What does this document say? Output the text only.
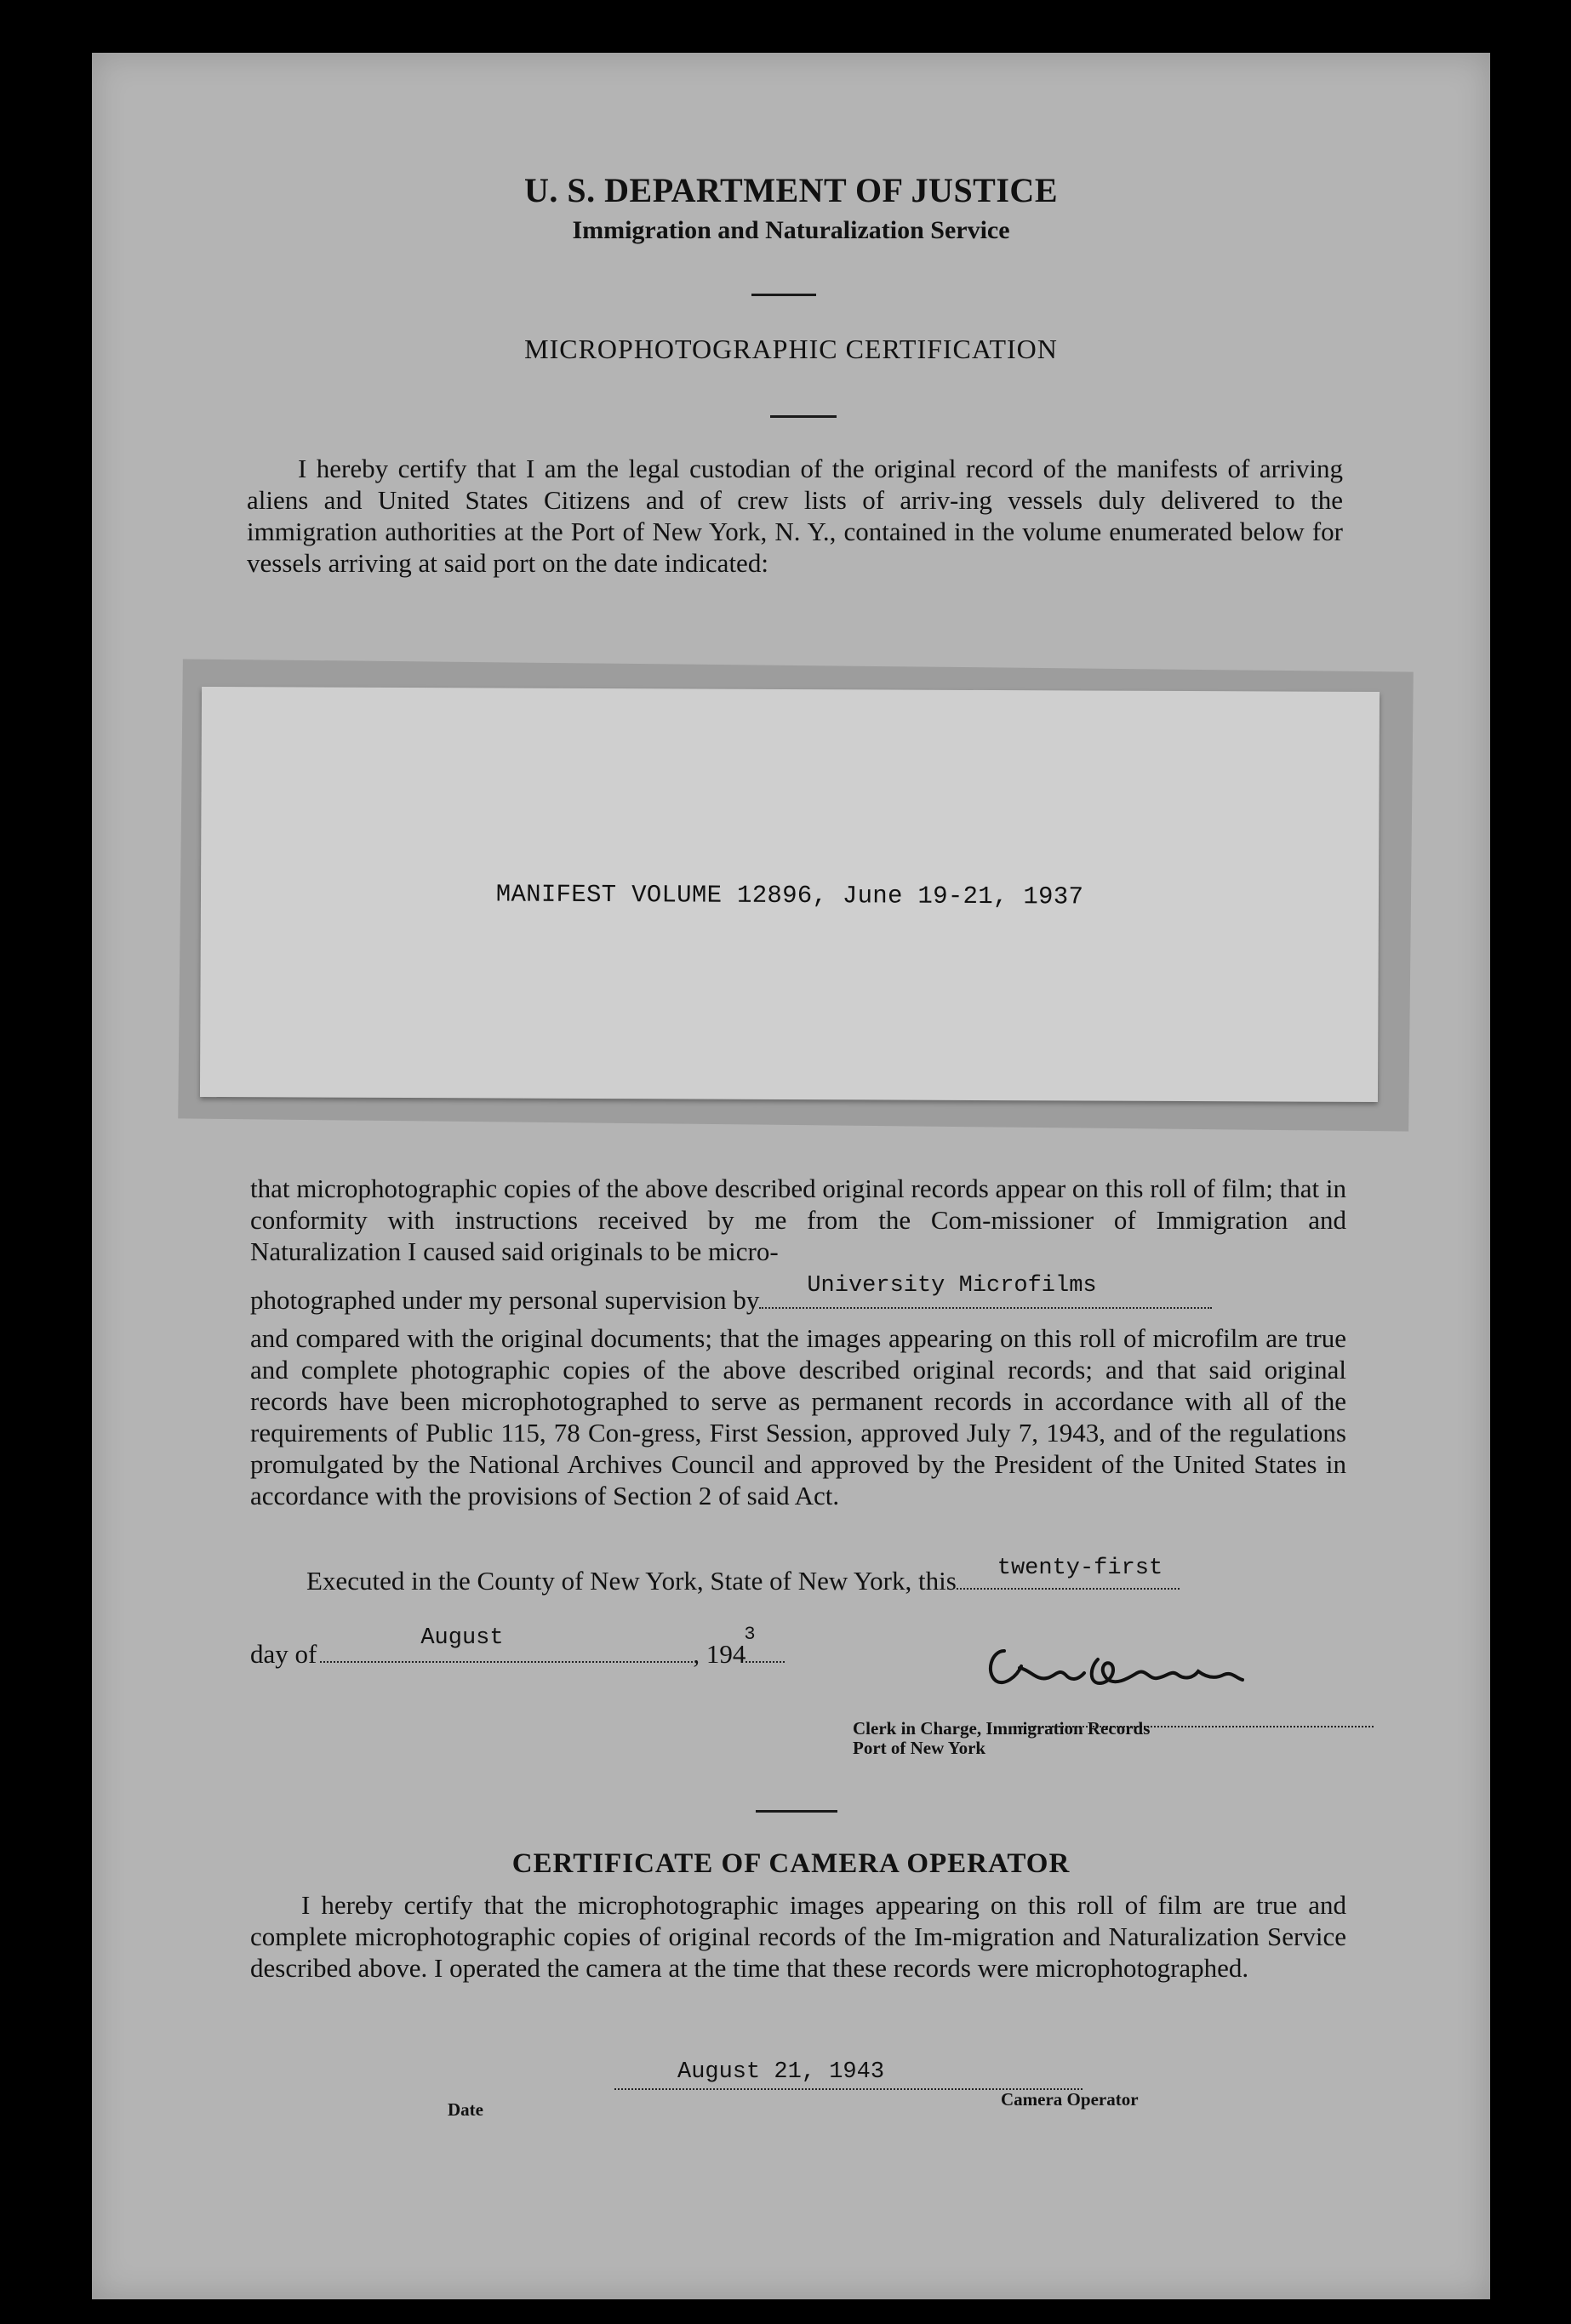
U. S. DEPARTMENT OF JUSTICE
Immigration and Naturalization Service
MICROPHOTOGRAPHIC CERTIFICATION
I hereby certify that I am the legal custodian of the original record of the manifests of arriving aliens and United States Citizens and of crew lists of arriv-ing vessels duly delivered to the immigration authorities at the Port of New York, N. Y., contained in the volume enumerated below for vessels arriving at said port on the date indicated:
MANIFEST VOLUME 12896, June 19-21, 1937
that microphotographic copies of the above described original records appear on this roll of film; that in conformity with instructions received by me from the Com-missioner of Immigration and Naturalization I caused said originals to be micro-
photographed under my personal supervision by University Microfilms
and compared with the original documents; that the images appearing on this roll of microfilm are true and complete photographic copies of the above described original records; and that said original records have been microphotographed to serve as permanent records in accordance with all of the requirements of Public 115, 78 Con-gress, First Session, approved July 7, 1943, and of the regulations promulgated by the National Archives Council and approved by the President of the United States in accordance with the provisions of Section 2 of said Act.
Executed in the County of New York, State of New York, this twenty-first
day of
August
, 194
3

Clerk in Charge, Immigration Records
Port of New York
CERTIFICATE OF CAMERA OPERATOR
I hereby certify that the microphotographic images appearing on this roll of film are true and complete microphotographic copies of original records of the Im-migration and Naturalization Service described above. I operated the camera at the time that these records were microphotographed.
August 21, 1943

Date	Camera Operator
